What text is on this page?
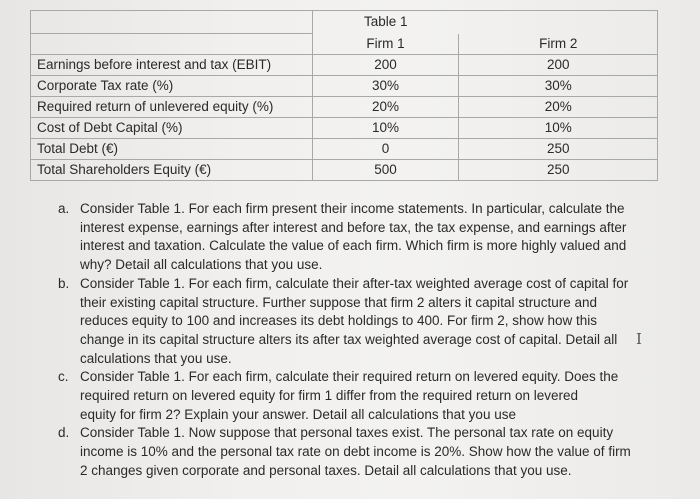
	Table 1	
	Firm 1	Firm 2
Earnings before interest and tax (EBIT)	200	200
Corporate Tax rate (%)	30%	30%
Required return of unlevered equity (%)	20%	20%
Cost of Debt Capital (%)	10%	10%
Total Debt (€)	0	250
Total Shareholders Equity (€)	500	250
a. Consider Table 1. For each firm present their income statements. In particular, calculate the
interest expense, earnings after interest and before tax, the tax expense, and earnings after
interest and taxation. Calculate the value of each firm. Which firm is more highly valued and
why? Detail all calculations that you use.
b. Consider Table 1. For each firm, calculate their after-tax weighted average cost of capital for
their existing capital structure. Further suppose that firm 2 alters it capital structure and
reduces equity to 100 and increases its debt holdings to 400. For firm 2, show how this
change in its capital structure alters its after tax weighted average cost of capital. Detail all
calculations that you use.
c. Consider Table 1. For each firm, calculate their required return on levered equity. Does the
required return on levered equity for firm 1 differ from the required return on levered
equity for firm 2? Explain your answer. Detail all calculations that you use
d. Consider Table 1. Now suppose that personal taxes exist. The personal tax rate on equity
income is 10% and the personal tax rate on debt income is 20%. Show how the value of firm
2 changes given corporate and personal taxes. Detail all calculations that you use.
I
